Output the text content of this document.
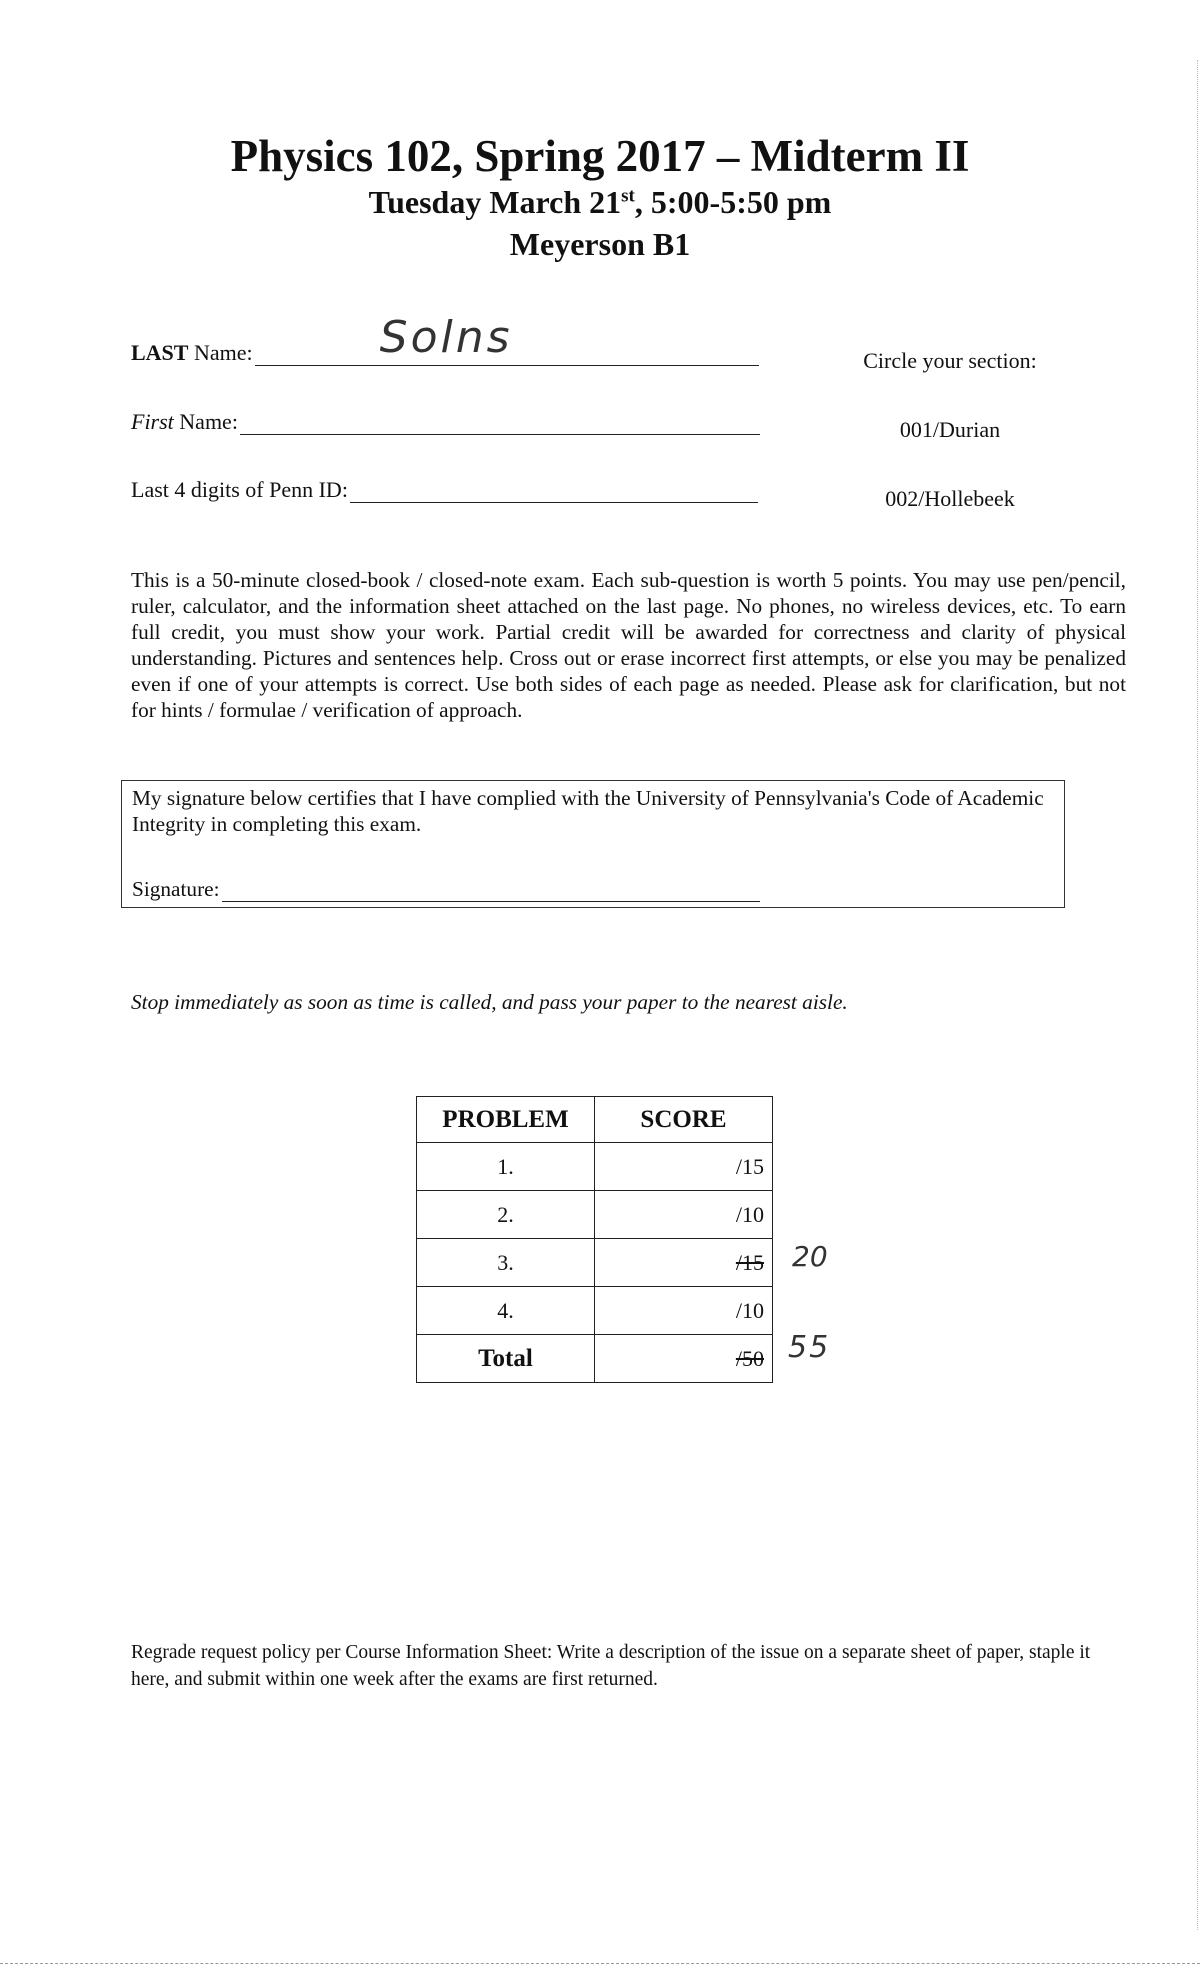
Physics 102, Spring 2017 – Midterm II
Tuesday March 21st, 5:00-5:50 pm
Meyerson B1
LAST Name:	Solns
First Name:
Last 4 digits of Penn ID:
Circle your section:
001/Durian
002/Hollebeek
This is a 50-minute closed-book / closed-note exam. Each sub-question is worth 5 points. You may use pen/pencil, ruler, calculator, and the information sheet attached on the last page. No phones, no wireless devices, etc. To earn full credit, you must show your work. Partial credit will be awarded for correctness and clarity of physical understanding. Pictures and sentences help. Cross out or erase incorrect first attempts, or else you may be penalized even if one of your attempts is correct. Use both sides of each page as needed. Please ask for clarification, but not for hints / formulae / verification of approach.
My signature below certifies that I have complied with the University of Pennsylvania's Code of Academic Integrity in completing this exam.
Signature:
Stop immediately as soon as time is called, and pass your paper to the nearest aisle.
PROBLEM	SCORE
1.	/15
2.	/10
3.	/15
4.	/10
Total	/50
20
55
Regrade request policy per Course Information Sheet: Write a description of the issue on a separate sheet of paper, staple it here, and submit within one week after the exams are first returned.
